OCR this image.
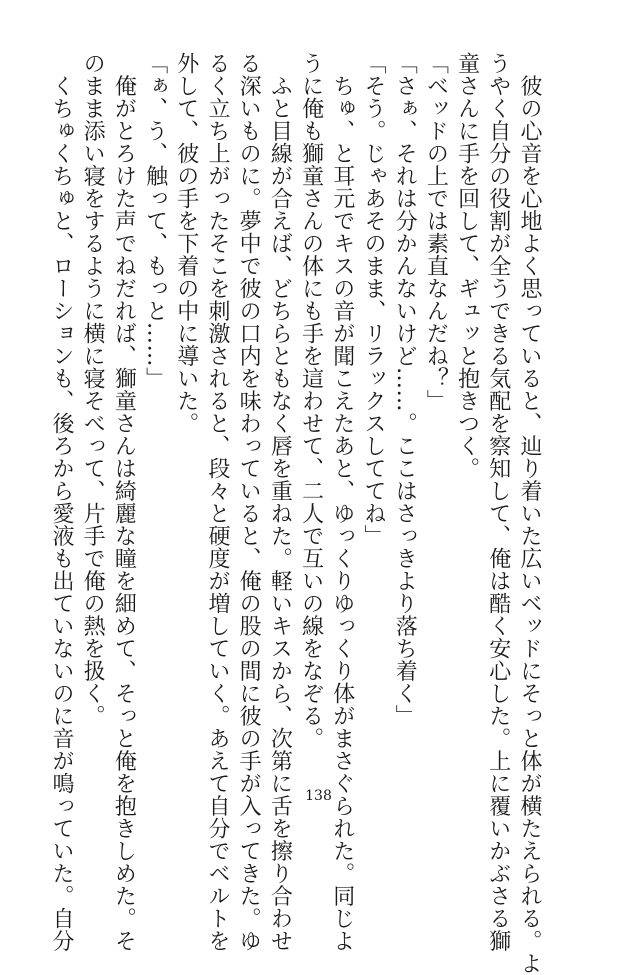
　彼の心音を心地よく思っていると、辿り着いた広いベッドにそっと体が横たえられる。よ
うやく自分の役割が全うできる気配を察知して、俺は酷く安心した。上に覆いかぶさる獅
童さんに手を回して、ギュッと抱きつく。
「ベッドの上では素直なんだね？」
「さぁ、それは分かんないけど……。ここはさっきより落ち着く」
「そう。じゃあそのまま、リラックスしててね」
　ちゅ、と耳元でキスの音が聞こえたあと、ゆっくりゆっくり体がまさぐられた。同じよ
うに俺も獅童さんの体にも手を這わせて、二人で互いの線をなぞる。
　ふと目線が合えば、どちらともなく唇を重ねた。軽いキスから、次第に舌を擦り合わせ
る深いものに。夢中で彼の口内を味わっていると、俺の股の間に彼の手が入ってきた。ゆ
るく立ち上がったそこを刺激されると、段々と硬度が増していく。あえて自分でベルトを
外して、彼の手を下着の中に導いた。
「ぁ、う、触って、もっと……」
　俺がとろけた声でねだれば、獅童さんは綺麗な瞳を細めて、そっと俺を抱きしめた。そ
のまま添い寝をするように横に寝そべって、片手で俺の熱を扱く。
　くちゅくちゅと、ローションも、後ろから愛液も出ていないのに音が鳴っていた。自分	138
